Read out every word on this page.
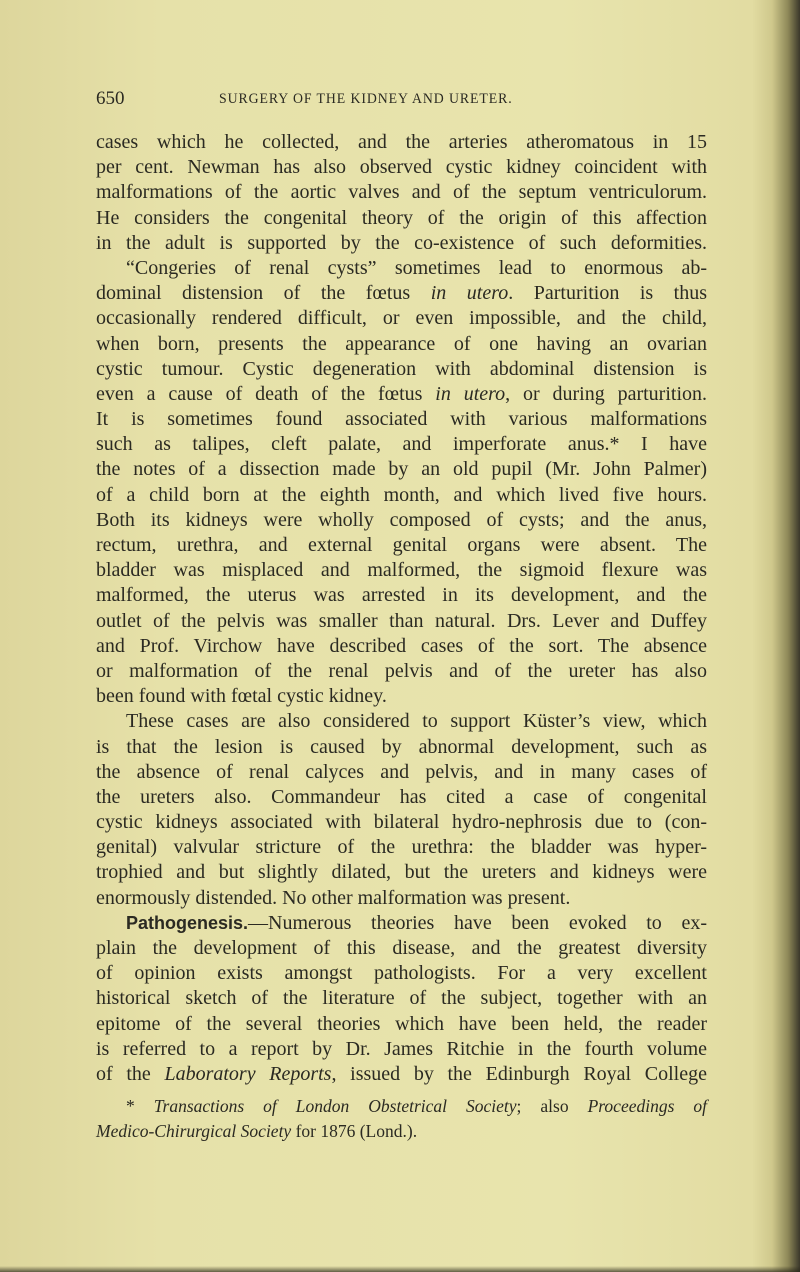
650	SURGERY OF THE KIDNEY AND URETER.
cases which he collected, and the arteries atheromatous in 15
per cent. Newman has also observed cystic kidney coincident with
malformations of the aortic valves and of the septum ventriculorum.
He considers the congenital theory of the origin of this affection
in the adult is supported by the co-existence of such deformities.
“Congeries of renal cysts” sometimes lead to enormous ab-
dominal distension of the fœtus in utero. Parturition is thus
occasionally rendered difficult, or even impossible, and the child,
when born, presents the appearance of one having an ovarian
cystic tumour. Cystic degeneration with abdominal distension is
even a cause of death of the fœtus in utero, or during parturition.
It is sometimes found associated with various malformations
such as talipes, cleft palate, and imperforate anus.* I have
the notes of a dissection made by an old pupil (Mr. John Palmer)
of a child born at the eighth month, and which lived five hours.
Both its kidneys were wholly composed of cysts; and the anus,
rectum, urethra, and external genital organs were absent. The
bladder was misplaced and malformed, the sigmoid flexure was
malformed, the uterus was arrested in its development, and the
outlet of the pelvis was smaller than natural. Drs. Lever and Duffey
and Prof. Virchow have described cases of the sort. The absence
or malformation of the renal pelvis and of the ureter has also
been found with fœtal cystic kidney.
These cases are also considered to support Küster’s view, which
is that the lesion is caused by abnormal development, such as
the absence of renal calyces and pelvis, and in many cases of
the ureters also. Commandeur has cited a case of congenital
cystic kidneys associated with bilateral hydro-nephrosis due to (con-
genital) valvular stricture of the urethra: the bladder was hyper-
trophied and but slightly dilated, but the ureters and kidneys were
enormously distended. No other malformation was present.
Pathogenesis.—Numerous theories have been evoked to ex-
plain the development of this disease, and the greatest diversity
of opinion exists amongst pathologists. For a very excellent
historical sketch of the literature of the subject, together with an
epitome of the several theories which have been held, the reader
is referred to a report by Dr. James Ritchie in the fourth volume
of the Laboratory Reports, issued by the Edinburgh Royal College
* Transactions of London Obstetrical Society; also Proceedings of
Medico-Chirurgical Society for 1876 (Lond.).
